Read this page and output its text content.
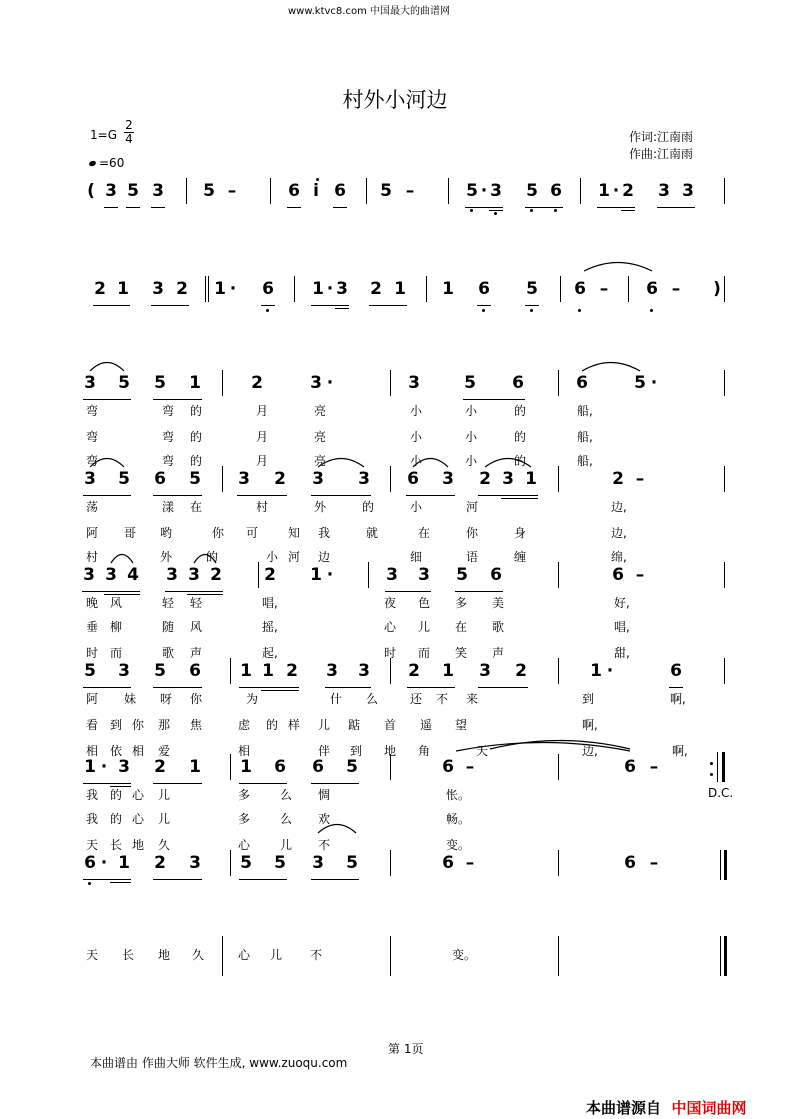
www.ktvc8.com 中国最大的曲谱网
村外小河边
$1=G \frac{2}{4}$
=60
作词:江南雨
作曲:江南雨
( 3 5 3 5 –	6 i 6 5 –	5 · 3 5 6 1 · 2 3 3
2 1 3 2 1 · 6 1 · 3 2 1 1 6 5 6 – 6 – )
3 5 5 1	2	3 ·	3	5 6	6	5 ·
弯	弯 的	月	亮	小	小	的	船,
弯	弯 的	月	亮	小	小	的	船,
弯	弯 的	月	亮	小	小	的	船,
3 5 6 5 3 2 3 3 6 3 2 3 1	2 –
荡	漾 在	村	外	的	小	河	边,
阿 哥 哟	你 可 知 我	就	在	你	身	边,
村	外	的	小 河 边	细	语	缠	绵,
3 3 4 3 3 2 2 1 ·	3 3 5 6	6 –
晚 风	轻 轻	唱,	夜 色 多 美	好,
垂 柳	随 风	摇,	心 儿 在 歌	唱,
时 而	歌 声	起,	时 而 笑 声	甜,
5 3 5 6 1 1 2 3 3 2 1 3 2	1 ·	6
阿 妹 呀 你	为	什 么	还 不 来	到	啊,
看 到 你 那 焦	虑 的 样 儿 踮 首 遥 望	啊,
相 依 相 爱	相	伴 到 地 角	天	边,	啊,
1 · 3 2 1 1 6 6 5	6 –	6 –
D.C.
我 的 心 儿	多 么 惆	怅。
我 的 心 儿	多 么 欢	畅。
天 长 地 久	心 儿 不	变。
6 · 1 2 3 5 5 3 5	6 –	6 –
天 长 地 久	心 儿 不	变。
第 1页
本曲谱由 作曲大师 软件生成, www.zuoqu.com
本曲谱源自 中国词曲网
